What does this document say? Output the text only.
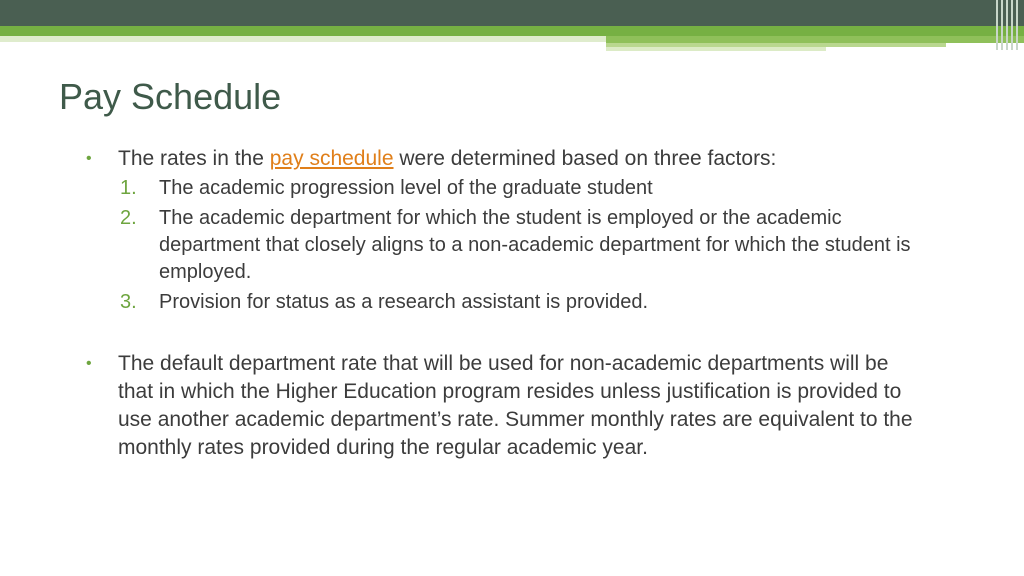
Pay Schedule
• The rates in the pay schedule were determined based on three factors:
1. The academic progression level of the graduate student
2. The academic department for which the student is employed or the academic department that closely aligns to a non-academic department for which the student is employed.
3. Provision for status as a research assistant is provided.
• The default department rate that will be used for non-academic departments will be that in which the Higher Education program resides unless justification is provided to use another academic department’s rate. Summer monthly rates are equivalent to the monthly rates provided during the regular academic year.
